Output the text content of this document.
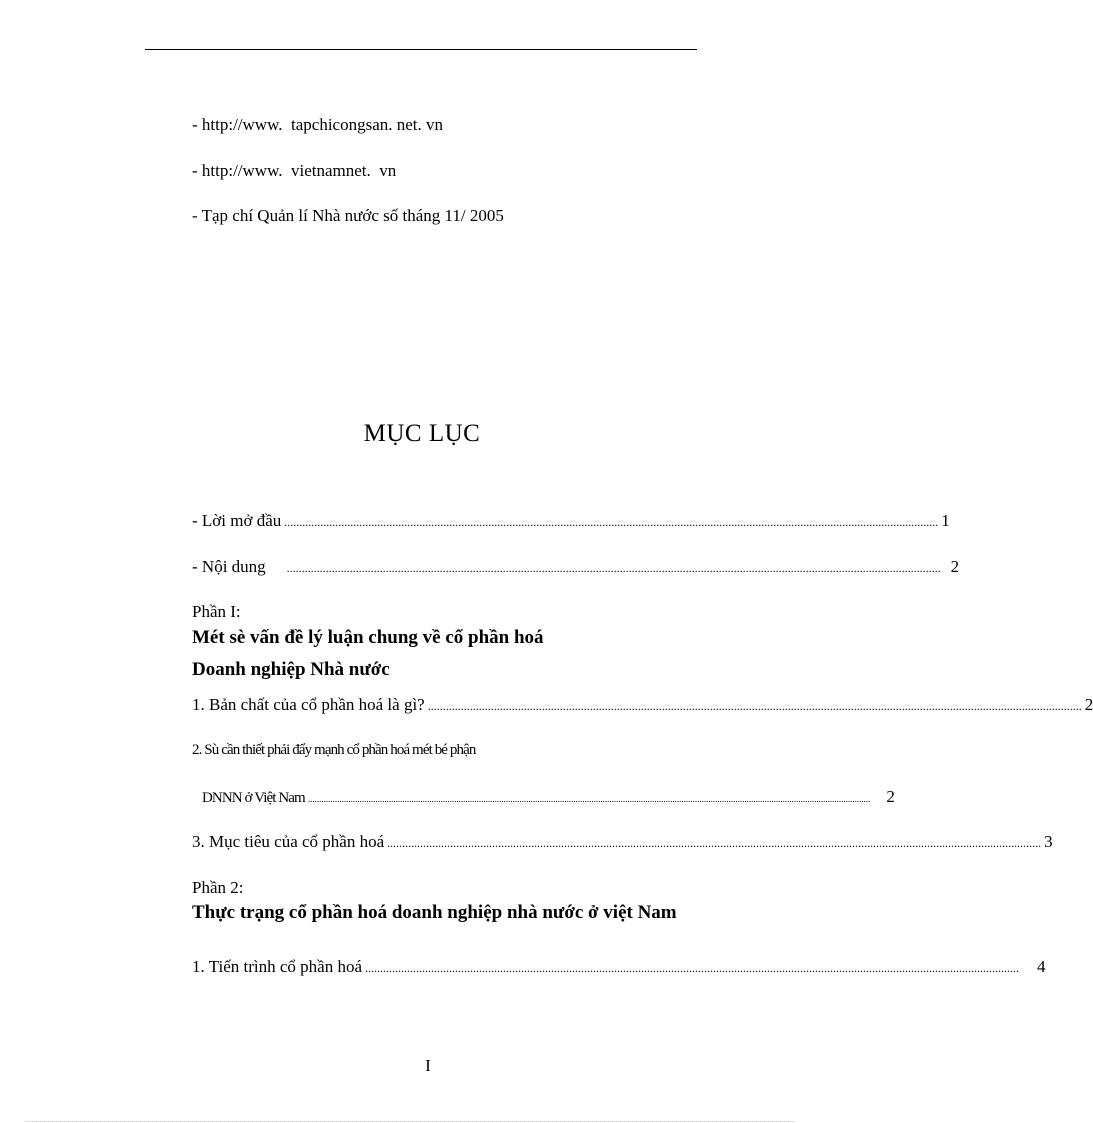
- http://www.  tapchicongsan. net. vn
- http://www.  vietnamnet.  vn
- Tạp chí Quản lí Nhà nước số tháng 11/ 2005
MỤC LỤC
- Lời mở đầu .......................................................................................................................................................................................................................... 1
- Nội dung .......................................................................................................................................................................................................................... 2
Phần I:
Mét sè vấn đề lý luận chung về cổ phần hoá
Doanh nghiệp Nhà nước
1. Bản chất của cổ phần hoá là gì? .......................................................................................................................................................................................................................... 2
2. Sù cần thiết phải đẩy mạnh cổ phần hoá mét bé phận
DNNN ở Việt Nam .......................................................................................................................................................................................................................................................... 2
3. Mục tiêu của cổ phần hoá .......................................................................................................................................................................................................................... 3
Phần 2:
Thực trạng cổ phần hoá doanh nghiệp nhà nước ở việt Nam
1. Tiến trình cổ phần hoá .......................................................................................................................................................................................................................... 4
I
